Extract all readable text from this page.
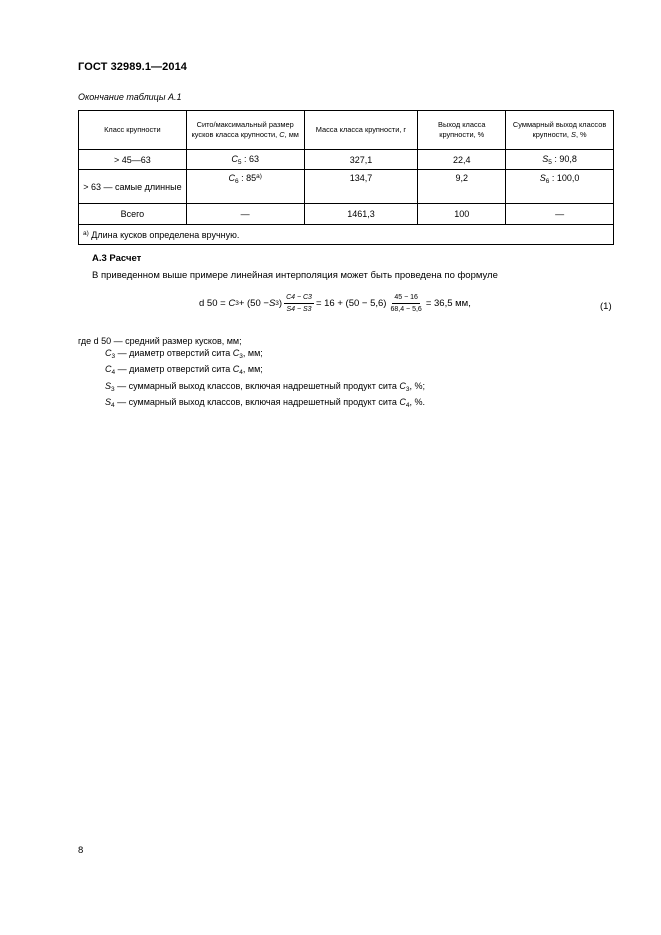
ГОСТ 32989.1—2014
Окончание таблицы А.1
Класс крупности	Сито/максимальный размер кусков класса крупности, С, мм	Масса класса крупности, г	Выход класса крупности, %	Суммарный выход классов крупности, S, %
> 45—63	$C_5$ : 63	327,1	22,4	$S_5$ : 90,8
> 63 — самые длинные	$C_6$ : $85^{а)}$	134,7	9,2	$S_6$ : 100,0
Всего	—	1461,3	100	—
$^{а)}$ Длина кусков определена вручную.				
А.3 Расчет
В приведенном выше примере линейная интерполяция может быть проведена по формуле
d 50 =
C 3 + (50 − S 3 ) $\frac{C4 - C3}{S4 - S3} = 16 + (50 - 5,6) \frac{45 - 16}{68,4 - 5,6} = 36,5$ мм,	(1)
где d 50 — средний размер кусков, мм;
$C_3$ — диаметр отверстий сита $C_3$, мм;
$C_4$ — диаметр отверстий сита $C_4$, мм;
$S_3$ — суммарный выход классов, включая надрешетный продукт сита $C_3$, %;
$S_4$ — суммарный выход классов, включая надрешетный продукт сита $C_4$, %.
8
